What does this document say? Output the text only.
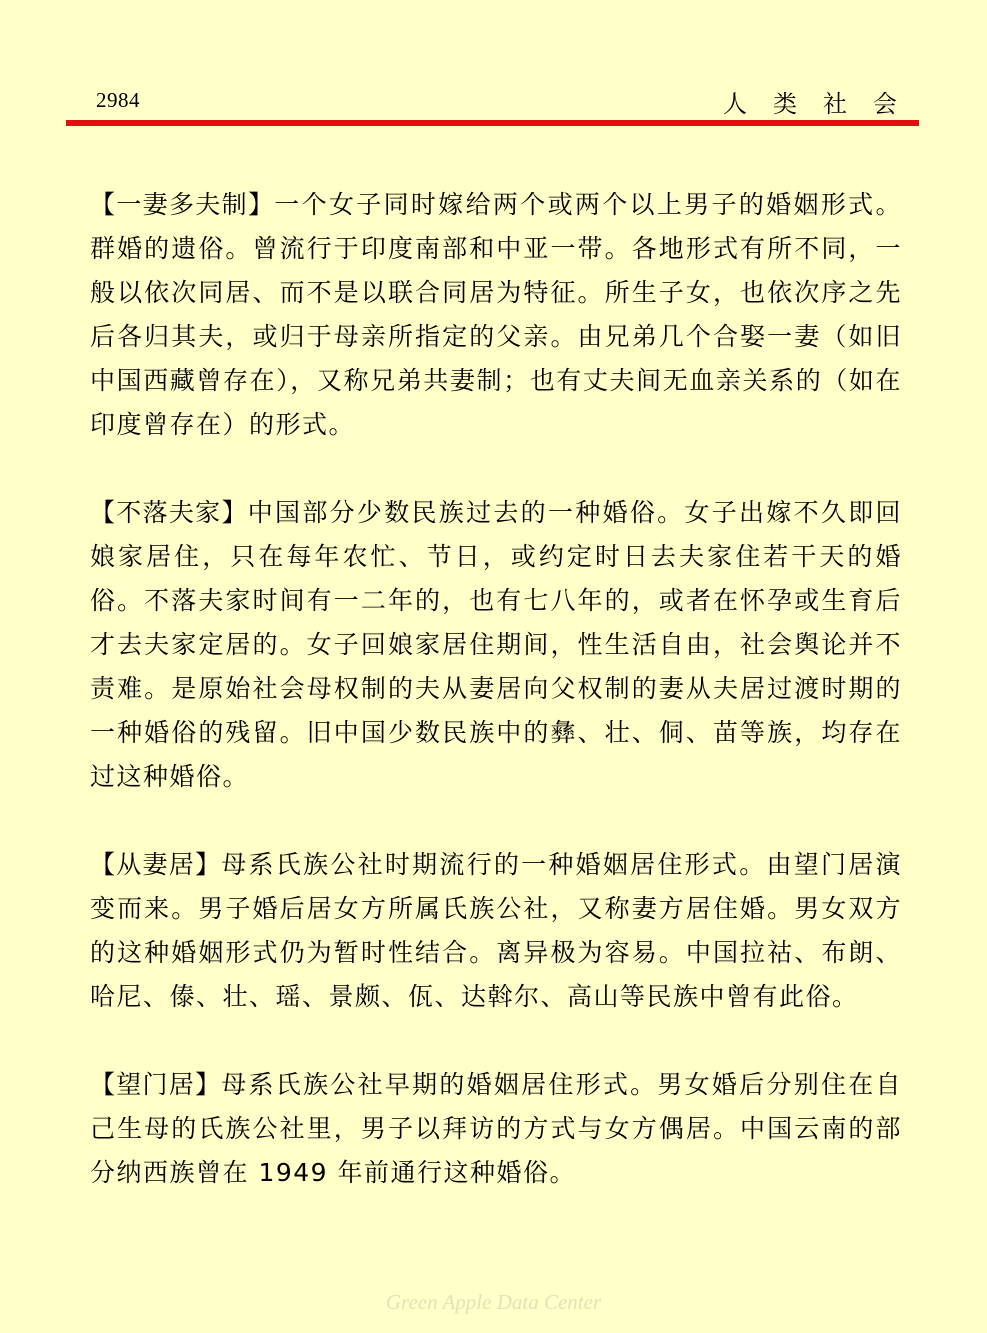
2984	人类社会

【一妻多夫制】一个女子同时嫁给两个或两个以上男子的婚姻形式。群婚的遗俗。曾流行于印度南部和中亚一带。各地形式有所不同，一般以依次同居、而不是以联合同居为特征。所生子女，也依次序之先后各归其夫，或归于母亲所指定的父亲。由兄弟几个合娶一妻（如旧中国西藏曾存在），又称兄弟共妻制；也有丈夫间无血亲关系的（如在印度曾存在）的形式。

【不落夫家】中国部分少数民族过去的一种婚俗。女子出嫁不久即回娘家居住，只在每年农忙、节日，或约定时日去夫家住若干天的婚俗。不落夫家时间有一二年的，也有七八年的，或者在怀孕或生育后才去夫家定居的。女子回娘家居住期间，性生活自由，社会舆论并不责难。是原始社会母权制的夫从妻居向父权制的妻从夫居过渡时期的一种婚俗的残留。旧中国少数民族中的彝、壮、侗、苗等族，均存在过这种婚俗。

【从妻居】母系氏族公社时期流行的一种婚姻居住形式。由望门居演变而来。男子婚后居女方所属氏族公社，又称妻方居住婚。男女双方的这种婚姻形式仍为暂时性结合。离异极为容易。中国拉祜、布朗、哈尼、傣、壮、瑶、景颇、佤、达斡尔、高山等民族中曾有此俗。

【望门居】母系氏族公社早期的婚姻居住形式。男女婚后分别住在自己生母的氏族公社里，男子以拜访的方式与女方偶居。中国云南的部分纳西族曾在 1949 年前通行这种婚俗。

Green Apple Data Center
